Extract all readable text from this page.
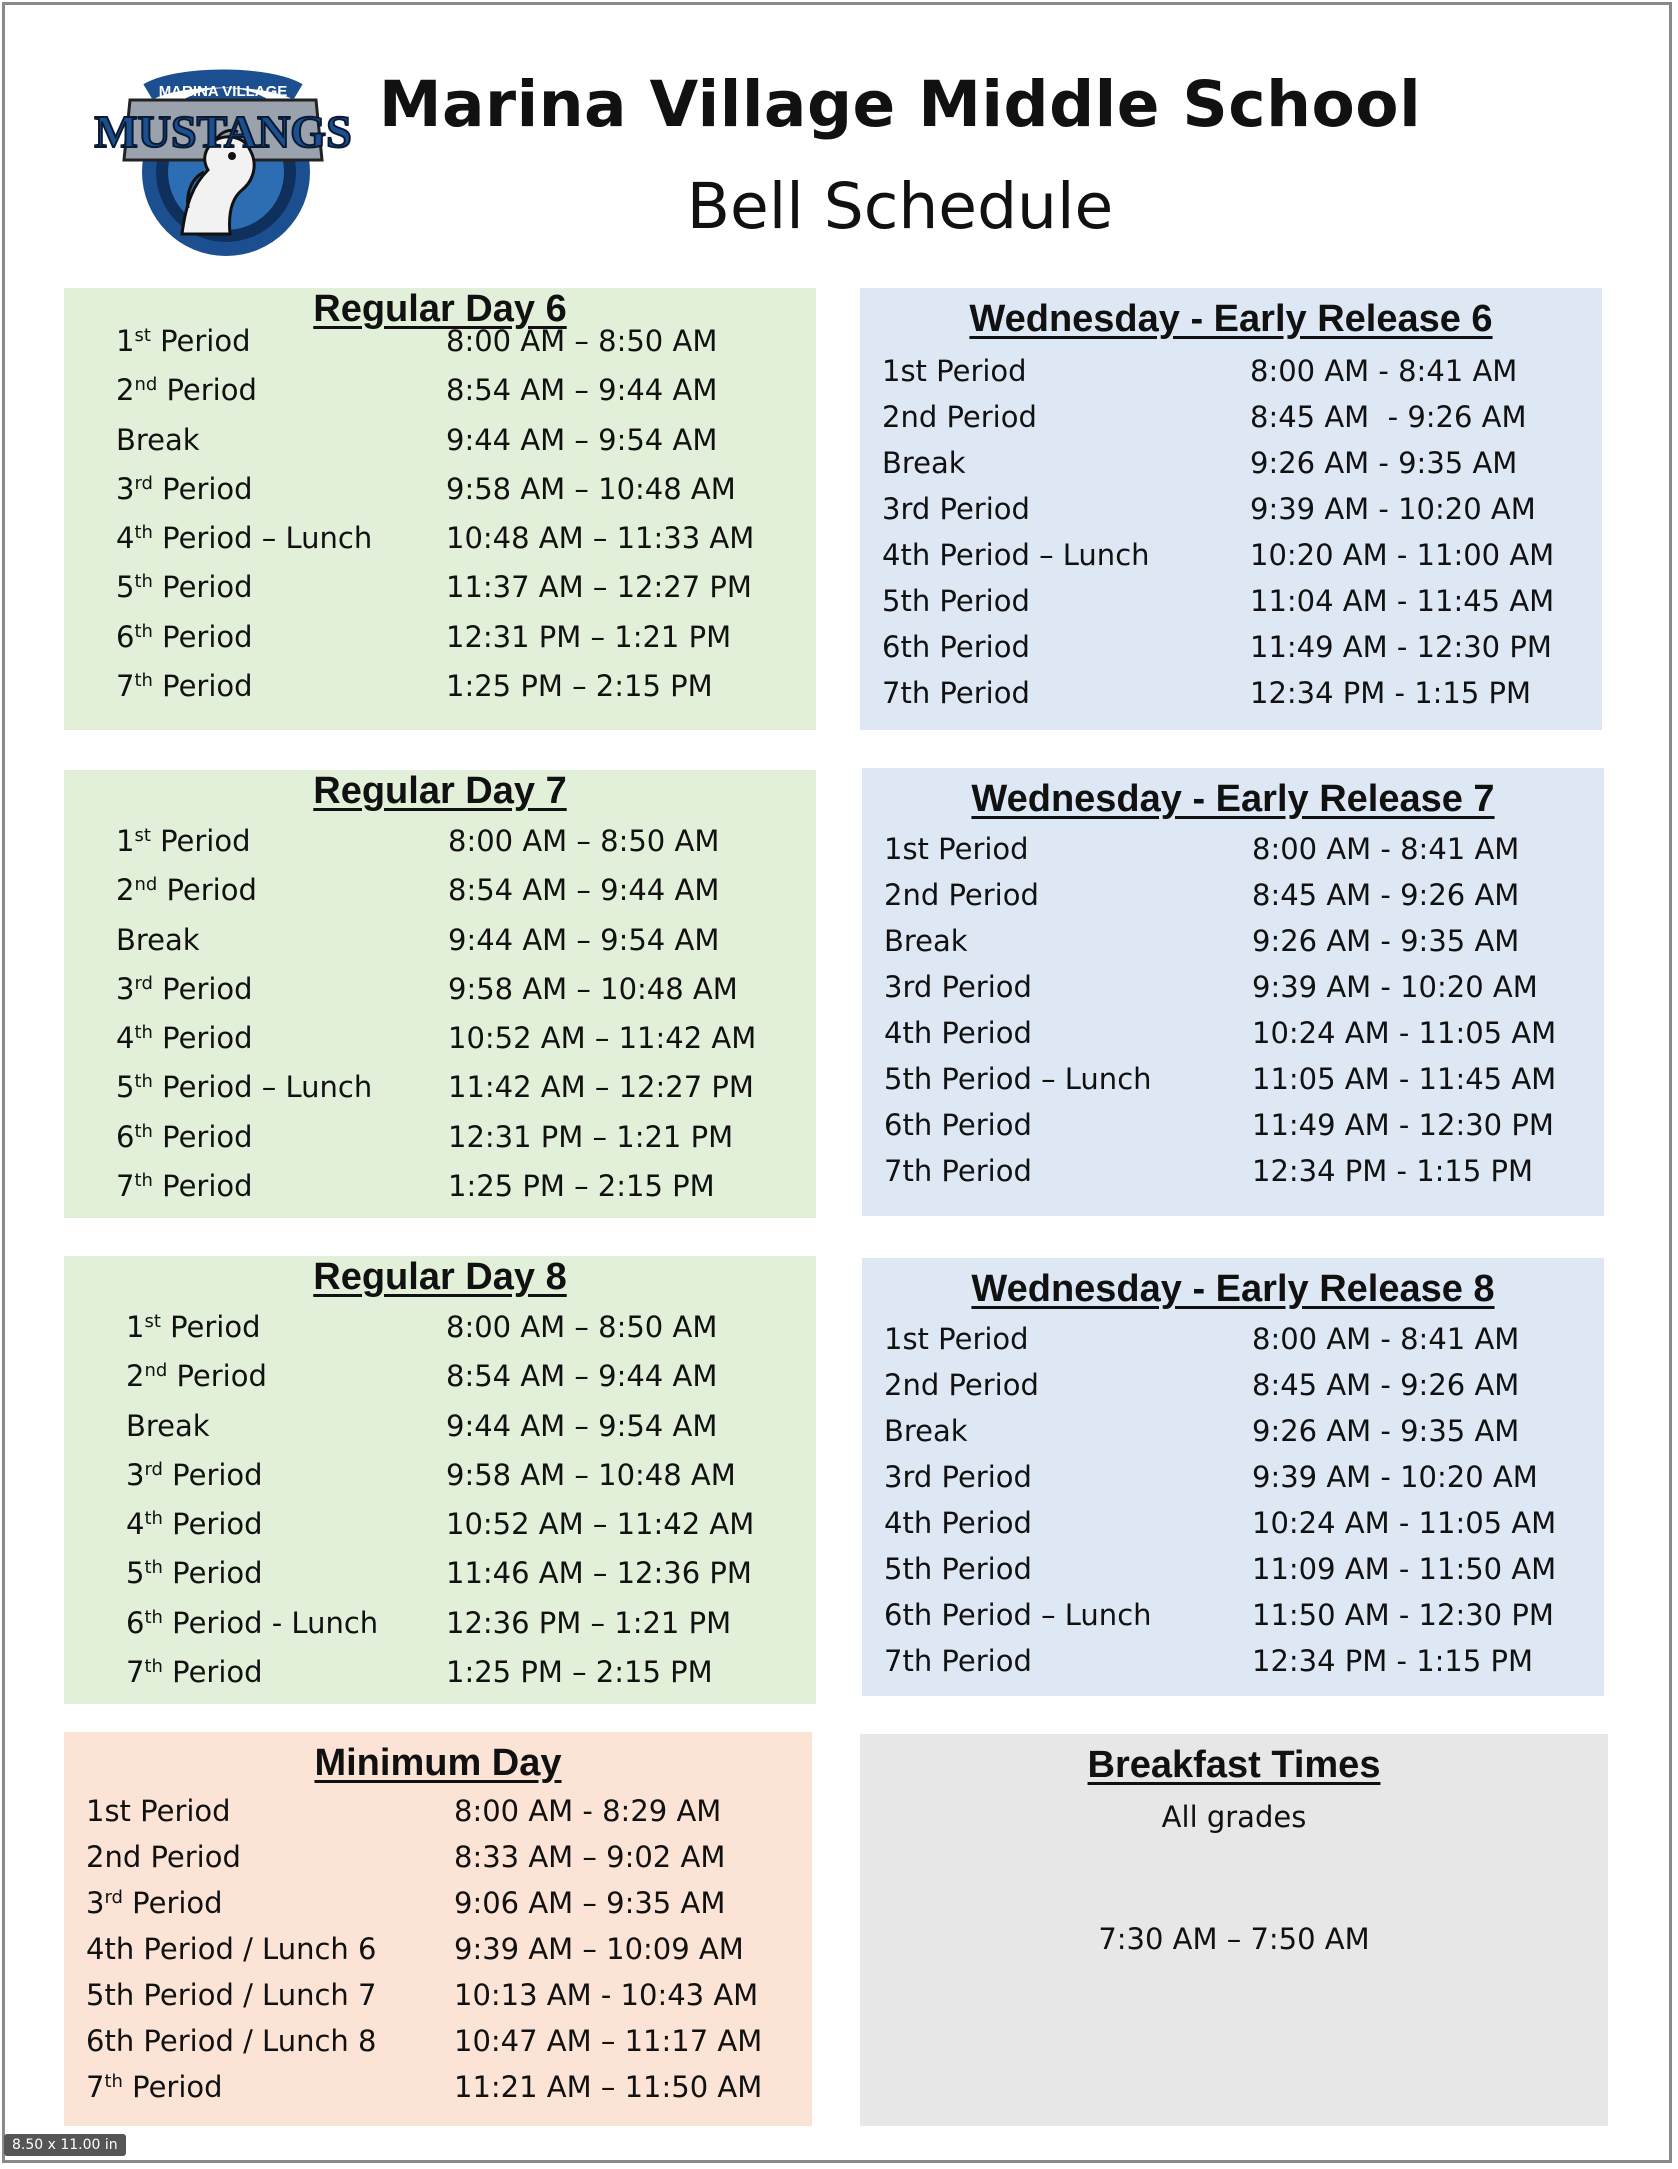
MARINA VILLAGE
MUSTANGS Marina Village Middle School
Bell Schedule
Regular Day 6
1st Period	8:00 AM – 8:50 AM
2nd Period	8:54 AM – 9:44 AM
Break	9:44 AM – 9:54 AM
3rd Period	9:58 AM – 10:48 AM
4th Period – Lunch	10:48 AM – 11:33 AM
5th Period	11:37 AM – 12:27 PM
6th Period	12:31 PM – 1:21 PM
7th Period	1:25 PM – 2:15 PM
Regular Day 7
1st Period	8:00 AM – 8:50 AM
2nd Period	8:54 AM – 9:44 AM
Break	9:44 AM – 9:54 AM
3rd Period	9:58 AM – 10:48 AM
4th Period	10:52 AM – 11:42 AM
5th Period – Lunch	11:42 AM – 12:27 PM
6th Period	12:31 PM – 1:21 PM
7th Period	1:25 PM – 2:15 PM
Regular Day 8
1st Period	8:00 AM – 8:50 AM
2nd Period	8:54 AM – 9:44 AM
Break	9:44 AM – 9:54 AM
3rd Period	9:58 AM – 10:48 AM
4th Period	10:52 AM – 11:42 AM
5th Period	11:46 AM – 12:36 PM
6th Period - Lunch 12:36 PM – 1:21 PM
7th Period	1:25 PM – 2:15 PM
Minimum Day
1st Period	8:00 AM - 8:29 AM
2nd Period	8:33 AM – 9:02 AM
3rd Period	9:06 AM – 9:35 AM
4th Period / Lunch 6	9:39 AM – 10:09 AM
5th Period / Lunch 7	10:13 AM - 10:43 AM
6th Period / Lunch 8	10:47 AM – 11:17 AM
7th Period	11:21 AM – 11:50 AM
Wednesday - Early Release 6
1st Period	8:00 AM - 8:41 AM
2nd Period	8:45 AM  - 9:26 AM
Break	9:26 AM - 9:35 AM
3rd Period	9:39 AM - 10:20 AM
4th Period – Lunch	10:20 AM - 11:00 AM
5th Period	11:04 AM - 11:45 AM
6th Period	11:49 AM - 12:30 PM
7th Period	12:34 PM - 1:15 PM
Wednesday - Early Release 7
1st Period	8:00 AM - 8:41 AM
2nd Period	8:45 AM - 9:26 AM
Break	9:26 AM - 9:35 AM
3rd Period	9:39 AM - 10:20 AM
4th Period	10:24 AM - 11:05 AM
5th Period – Lunch	11:05 AM - 11:45 AM
6th Period	11:49 AM - 12:30 PM
7th Period	12:34 PM - 1:15 PM
Wednesday - Early Release 8
1st Period	8:00 AM - 8:41 AM
2nd Period	8:45 AM - 9:26 AM
Break	9:26 AM - 9:35 AM
3rd Period	9:39 AM - 10:20 AM
4th Period	10:24 AM - 11:05 AM
5th Period	11:09 AM - 11:50 AM
6th Period – Lunch	11:50 AM - 12:30 PM
7th Period	12:34 PM - 1:15 PM
Breakfast Times
All grades
7:30 AM – 7:50 AM
8.50 x 11.00 in
